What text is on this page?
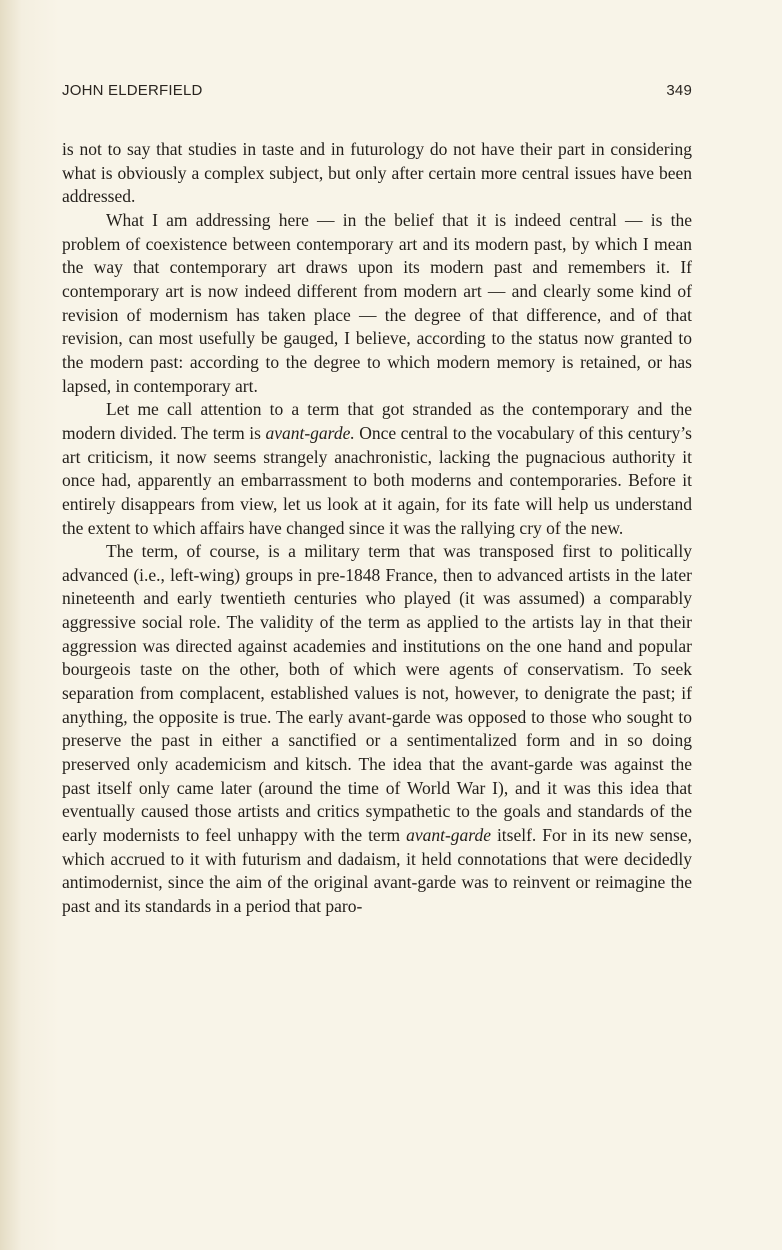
JOHN ELDERFIELD	349

is not to say that studies in taste and in futurology do not have their part in considering what is obviously a complex subject, but only after certain more central issues have been addressed.

What I am addressing here — in the belief that it is indeed central — is the problem of coexistence between contemporary art and its modern past, by which I mean the way that contemporary art draws upon its modern past and remembers it. If contemporary art is now indeed different from modern art — and clearly some kind of revision of modernism has taken place — the degree of that difference, and of that revision, can most usefully be gauged, I believe, according to the status now granted to the modern past: according to the degree to which modern memory is retained, or has lapsed, in contemporary art.

Let me call attention to a term that got stranded as the contemporary and the modern divided. The term is avant-garde. Once central to the vocabulary of this century’s art criticism, it now seems strangely anachronistic, lacking the pugnacious authority it once had, apparently an embarrassment to both moderns and contemporaries. Before it entirely disappears from view, let us look at it again, for its fate will help us understand the extent to which affairs have changed since it was the rallying cry of the new.

The term, of course, is a military term that was transposed first to politically advanced (i.e., left-wing) groups in pre-1848 France, then to advanced artists in the later nineteenth and early twentieth centuries who played (it was assumed) a comparably aggressive social role. The validity of the term as applied to the artists lay in that their aggression was directed against academies and institutions on the one hand and popular bourgeois taste on the other, both of which were agents of conservatism. To seek separation from complacent, established values is not, however, to denigrate the past; if anything, the opposite is true. The early avant-garde was opposed to those who sought to preserve the past in either a sanctified or a sentimentalized form and in so doing preserved only academicism and kitsch. The idea that the avant-garde was against the past itself only came later (around the time of World War I), and it was this idea that eventually caused those artists and critics sympathetic to the goals and standards of the early modernists to feel unhappy with the term avant-garde itself. For in its new sense, which accrued to it with futurism and dadaism, it held connotations that were decidedly antimodernist, since the aim of the original avant-garde was to reinvent or reimagine the past and its standards in a period that paro-
